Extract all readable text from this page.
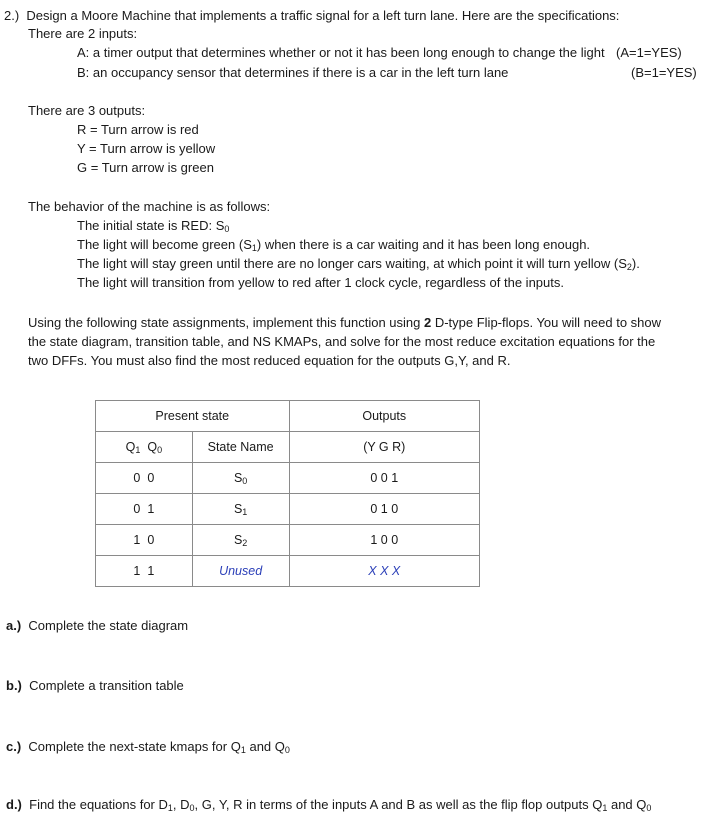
2.) Design a Moore Machine that implements a traffic signal for a left turn lane. Here are the specifications:
There are 2 inputs:
A: a timer output that determines whether or not it has been long enough to change the light (A=1=YES)
B: an occupancy sensor that determines if there is a car in the left turn lane	(B=1=YES)
There are 3 outputs:
R = Turn arrow is red
Y = Turn arrow is yellow
G = Turn arrow is green
The behavior of the machine is as follows:
The initial state is RED: $S_0$
The light will become green $(S_1)$ when there is a car waiting and it has been long enough.
The light will stay green until there are no longer cars waiting, at which point it will turn yellow $(S_2)$.
The light will transition from yellow to red after 1 clock cycle, regardless of the inputs.
Using the following state assignments, implement this function using 2 D-type Flip-flops. You will need to show
the state diagram, transition table, and NS KMAPs, and solve for the most reduce excitation equations for the
two DFFs. You must also find the most reduced equation for the outputs G,Y, and R.
Present state		Outputs
$Q_1$  $Q_0$	State Name	(Y G R)
0  0	$S_0$	0 0 1
0  1	$S_1$	0 1 0
1  0	$S_2$	1 0 0
1  1	Unused	X X X
a.) Complete the state diagram
b.) Complete a transition table
c.) Complete the next-state kmaps for $Q_1$ and $Q_0$
d.) Find the equations for $D_1$, $D_0$, G, Y, R in terms of the inputs A and B as well as the flip flop outputs $Q_1$ and $Q_0$
